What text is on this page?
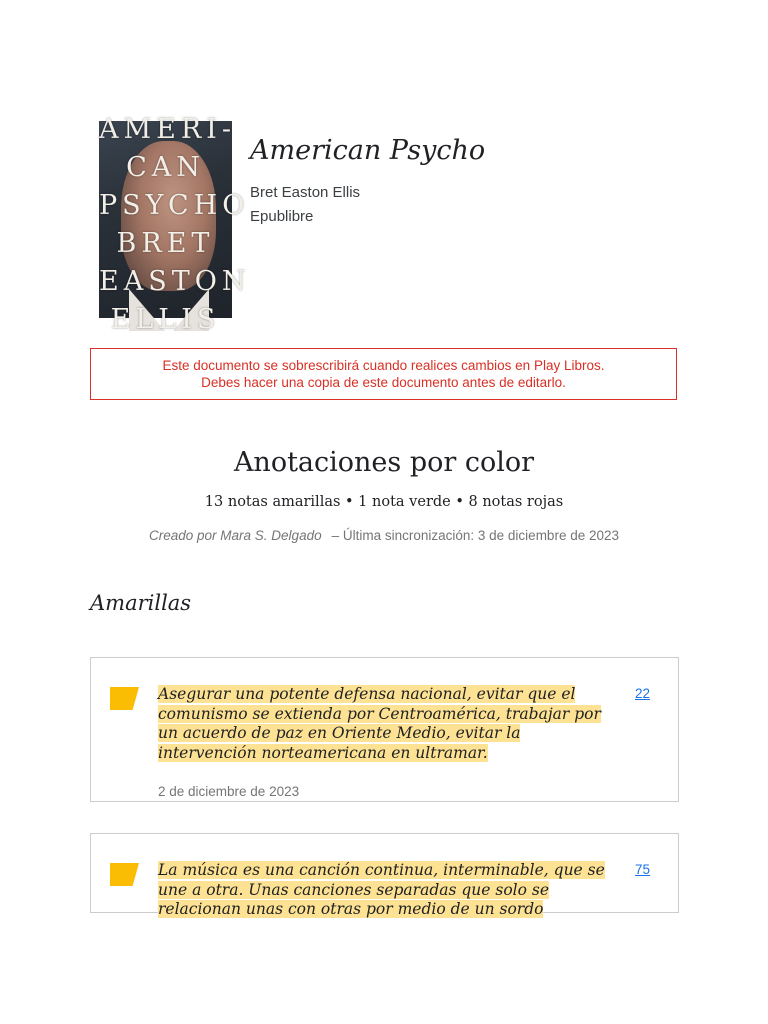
AMERI-
CAN
PSYCHO
BRET
EASTON
ELLIS
American Psycho
Bret Easton Ellis
Epublibre
Este documento se sobrescribirá cuando realices cambios en Play Libros.
Debes hacer una copia de este documento antes de editarlo.
Anotaciones por color
13 notas amarillas • 1 nota verde • 8 notas rojas
Creado por Mara S. Delgado – Última sincronización: 3 de diciembre de 2023
Amarillas
Asegurar una potente defensa nacional, evitar que el comunismo se extienda por Centroamérica, trabajar por un acuerdo de paz en Oriente Medio, evitar la intervención norteamericana en ultramar.
22
2 de diciembre de 2023
La música es una canción continua, interminable, que se une a otra. Unas canciones separadas que solo se relacionan unas con otras por medio de un sordo
75
